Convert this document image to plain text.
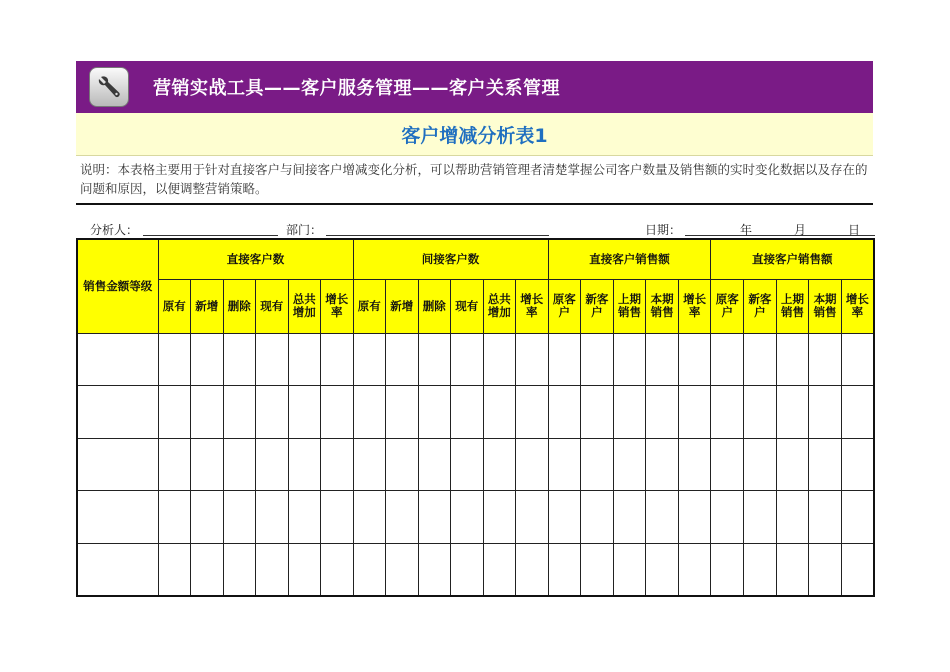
营销实战工具——客户服务管理——客户关系管理
客户增减分析表1
说明：本表格主要用于针对直接客户与间接客户增减变化分析，可以帮助营销管理者清楚掌握公司客户数量及销售额的实时变化数据以及存在的问题和原因，以便调整营销策略。
分析人：	部门：	日期：	年	月	日
销售金额等级	直接客户数						间接客户数						直接客户销售额					直接客户销售额				
	原有	新增	删除	现有	总共增加	增长率	原有	新增	删除	现有	总共增加	增长率	原客户	新客户	上期销售	本期销售	增长率	原客户	新客户	上期销售	本期销售	增长率
